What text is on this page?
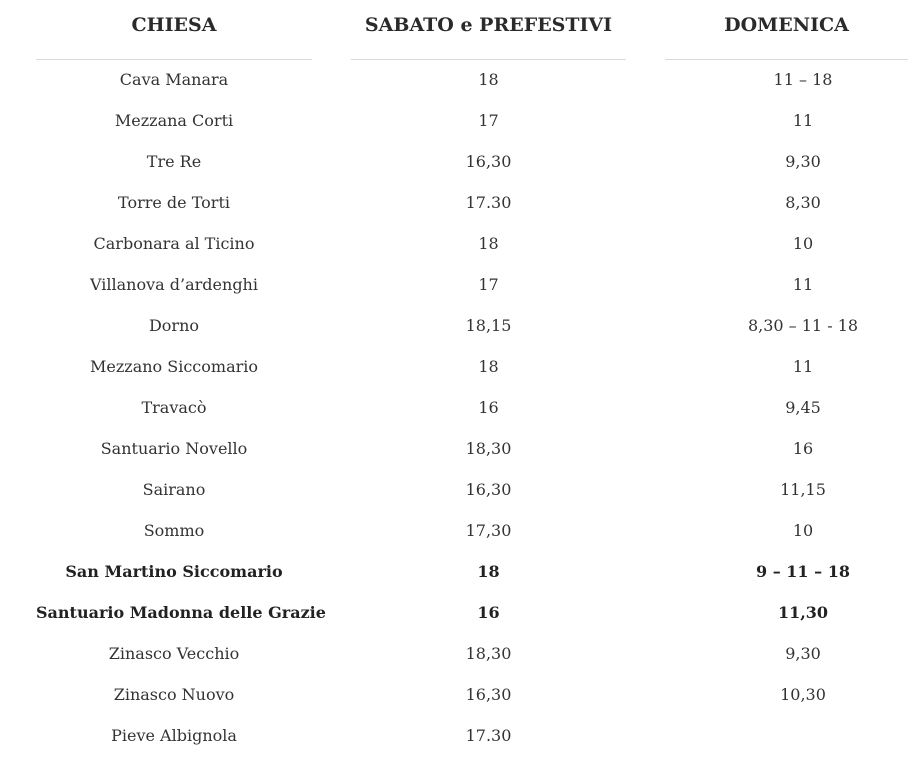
CHIESA	SABATO e PREFESTIVI	DOMENICA
Cava Manara	18	11 – 18
Mezzana Corti	17	11
Tre Re	16,30	9,30
Torre de Torti	17.30	8,30
Carbonara al Ticino	18	10
Villanova d’ardenghi	17	11
Dorno	18,15	8,30 – 11 - 18
Mezzano Siccomario	18	11
Travacò	16	9,45
Santuario Novello	18,30	16
Sairano	16,30	11,15
Sommo	17,30	10
San Martino Siccomario	18	9 – 11 – 18
Santuario Madonna delle Grazie	16	11,30
Zinasco Vecchio	18,30	9,30
Zinasco Nuovo	16,30	10,30
Pieve Albignola	17.30
